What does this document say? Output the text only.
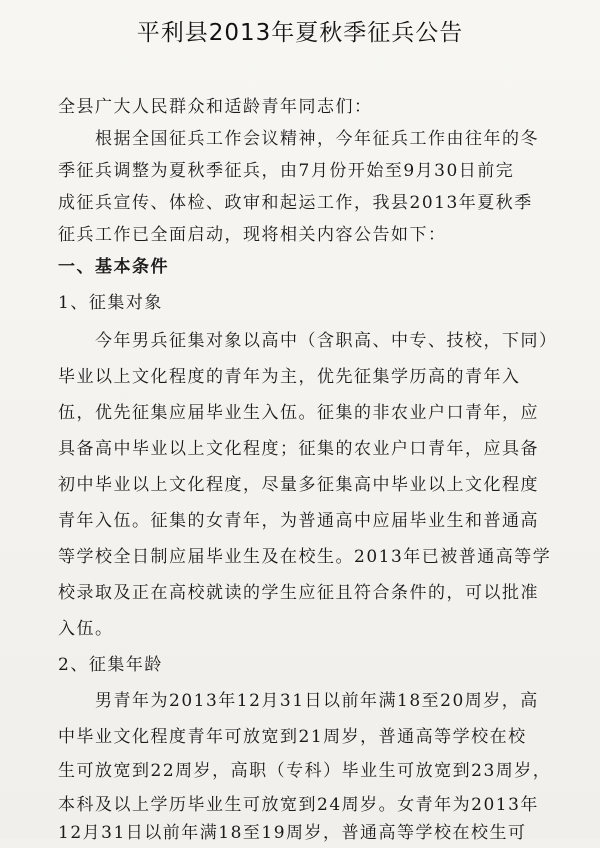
平利县2013年夏秋季征兵公告
全县广大人民群众和适龄青年同志们：
　　根据全国征兵工作会议精神，今年征兵工作由往年的冬
季征兵调整为夏秋季征兵，由7月份开始至9月30日前完
成征兵宣传、体检、政审和起运工作，我县2013年夏秋季
征兵工作已全面启动，现将相关内容公告如下：
一、基本条件
1、征集对象
　　今年男兵征集对象以高中（含职高、中专、技校，下同）
毕业以上文化程度的青年为主，优先征集学历高的青年入
伍，优先征集应届毕业生入伍。征集的非农业户口青年，应
具备高中毕业以上文化程度；征集的农业户口青年，应具备
初中毕业以上文化程度，尽量多征集高中毕业以上文化程度
青年入伍。征集的女青年，为普通高中应届毕业生和普通高
等学校全日制应届毕业生及在校生。2013年已被普通高等学
校录取及正在高校就读的学生应征且符合条件的，可以批准
入伍。
2、征集年龄
　　男青年为2013年12月31日以前年满18至20周岁，高
中毕业文化程度青年可放宽到21周岁，普通高等学校在校
生可放宽到22周岁，高职（专科）毕业生可放宽到23周岁，
本科及以上学历毕业生可放宽到24周岁。女青年为2013年
12月31日以前年满18至19周岁，普通高等学校在校生可
